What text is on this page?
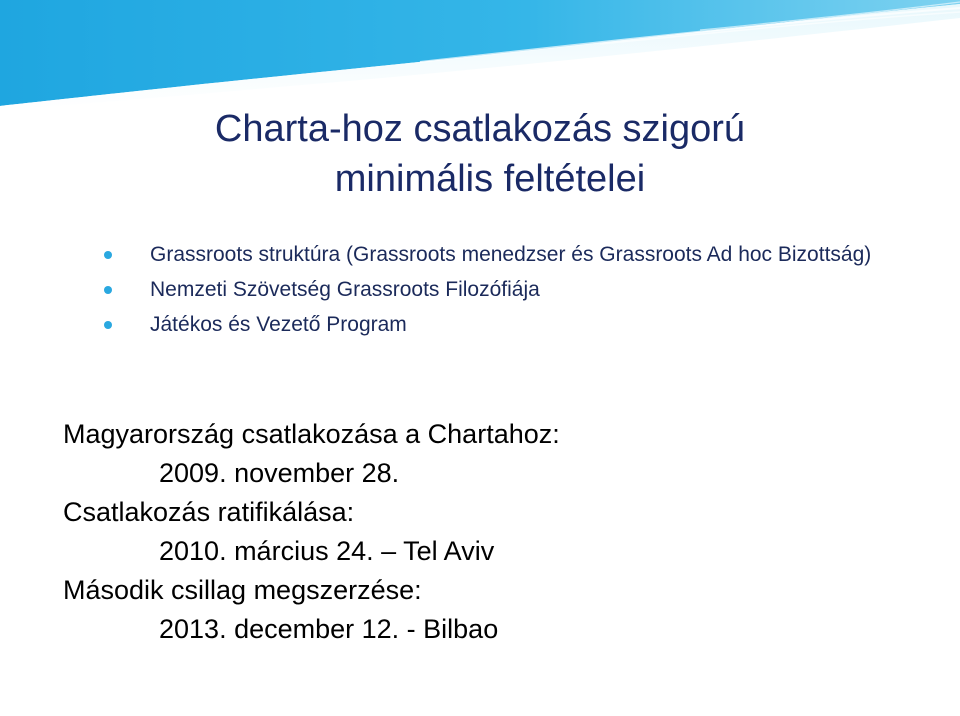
Charta-hoz csatlakozás szigorú
minimális feltételei
Grassroots struktúra (Grassroots menedzser és Grassroots Ad hoc Bizottság)
Nemzeti Szövetség Grassroots Filozófiája
Játékos és Vezető Program
Magyarország csatlakozása a Chartahoz:
2009. november 28.
Csatlakozás ratifikálása:
2010. március 24. – Tel Aviv
Második csillag megszerzése:
2013. december 12. - Bilbao
